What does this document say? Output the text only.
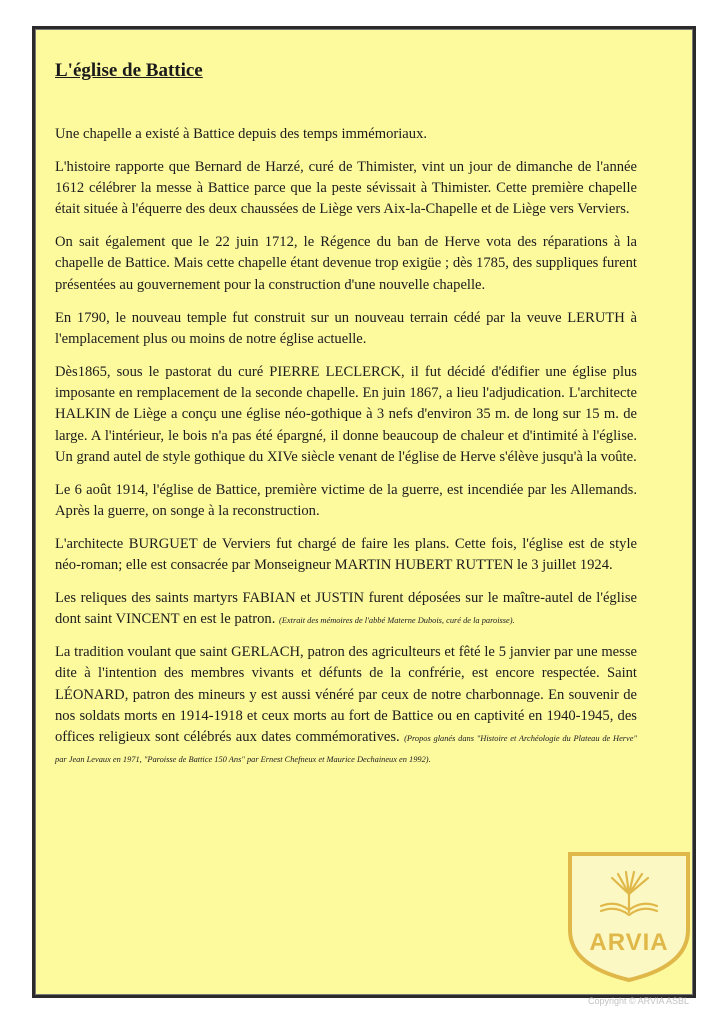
L'église de Battice

Une chapelle a existé à Battice depuis des temps immémoriaux.

L'histoire rapporte que Bernard de Harzé, curé de Thimister, vint un jour de dimanche de l'année 1612 célébrer la messe à Battice parce que la peste sévissait à Thimister. Cette première chapelle était située à l'équerre des deux chaussées de Liège vers Aix-la-Chapelle et de Liège vers Verviers.

On sait également que le 22 juin 1712, le Régence du ban de Herve vota des réparations à la chapelle de Battice. Mais cette chapelle étant devenue trop exigüe ; dès 1785, des suppliques furent présentées au gouvernement pour la construction d'une nouvelle chapelle.

En 1790, le nouveau temple fut construit sur un nouveau terrain cédé par la veuve LERUTH à l'emplacement plus ou moins de notre église actuelle.

Dès1865, sous le pastorat du curé PIERRE LECLERCK, il fut décidé d'édifier une église plus imposante en remplacement de la seconde chapelle. En juin 1867, a lieu l'adjudication. L'architecte HALKIN de Liège a conçu une église néo-gothique à 3 nefs d'environ 35 m. de long sur 15 m. de large. A l'intérieur, le bois n'a pas été épargné, il donne beaucoup de chaleur et d'intimité à l'église. Un grand autel de style gothique du XIVe siècle venant de l'église de Herve s'élève jusqu'à la voûte.

Le 6 août 1914, l'église de Battice, première victime de la guerre, est incendiée par les Allemands. Après la guerre, on songe à la reconstruction.

L'architecte BURGUET de Verviers fut chargé de faire les plans. Cette fois, l'église est de style néo-roman; elle est consacrée par Monseigneur MARTIN HUBERT RUTTEN le 3 juillet 1924.

Les reliques des saints martyrs FABIAN et JUSTIN furent déposées sur le maître-autel de l'église dont saint VINCENT en est le patron. (Extrait des mémoires de l'abbé Materne Dubois, curé de la paroisse).

La tradition voulant que saint GERLACH, patron des agriculteurs et fêté le 5 janvier par une messe dite à l'intention des membres vivants et défunts de la confrérie, est encore respectée. Saint LÉONARD, patron des mineurs y est aussi vénéré par ceux de notre charbonnage. En souvenir de nos soldats morts en 1914-1918 et ceux morts au fort de Battice ou en captivité en 1940-1945, des offices religieux sont célébrés aux dates commémoratives. (Propos glanés dans "Histoire et Archéologie du Plateau de Herve" par Jean Levaux en 1971, "Paroisse de Battice 150 Ans" par Ernest Chefneux et Maurice Dechaineux en 1992).

ARVIA
Copyright © ARVIA ASBL
